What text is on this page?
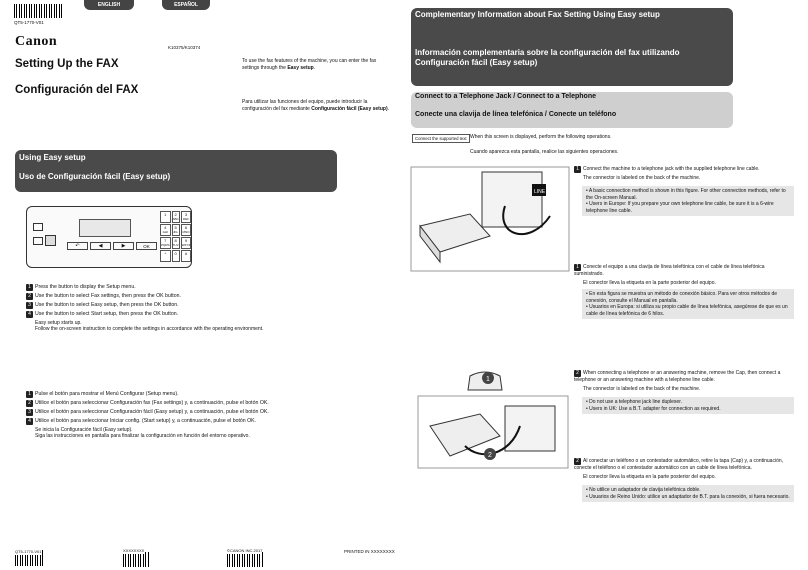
QT5-1770-V01
ENGLISH	ESPAÑOL
Canon	K10375/K10374
Setting Up the FAX
Configuración del FAX
To use the fax features of the machine, you can enter the fax settings through the Easy setup.
Para utilizar las funciones del equipo, puede introducir la configuración del fax mediante Configuración fácil (Easy setup).
Using Easy setup
Uso de Configuración fácil (Easy setup)
↶	◀	▶	OK
1	2
ABC
3
DEF
4
GHI
5
JKL
6
MNO
7
PQRS
8
TUV
9
WXYZ
*	0	#
1 Press the button to display the Setup menu.
2 Use the button to select Fax settings, then press the OK button.
3 Use the button to select Easy setup, then press the OK button.
4 Use the button to select Start setup, then press the OK button.
Easy setup starts up.
Follow the on-screen instruction to complete the settings in accordance with the operating environment.
1 Pulse el botón para mostrar el Menú Configurar (Setup menu).
2 Utilice el botón para seleccionar Configuración fax (Fax settings) y, a continuación, pulse el botón OK.
3 Utilice el botón para seleccionar Configuración fácil (Easy setup) y, a continuación, pulse el botón OK.
4 Utilice el botón para seleccionar Iniciar config. (Start setup) y, a continuación, pulse el botón OK.
Se inicia la Configuración fácil (Easy setup).
Siga las instrucciones en pantalla para finalizar la configuración en función del entorno operativo.
QT5-1770-V01	XXXXXXXX	©CANON INC.2017	PRINTED IN XXXXXXXX
Complementary Information about Fax Setting Using Easy setup
Información complementaria sobre la configuración del fax utilizando Configuración fácil (Easy setup)
Connect to a Telephone Jack / Connect to a Telephone
Conecte una clavija de línea telefónica / Conecte un teléfono
Connect the supported text When this screen is displayed, perform the following operations.
Cuando aparezca esta pantalla, realice las siguientes operaciones.
LINE
1 Connect the machine to a telephone jack with the supplied telephone line cable.
The connector is labeled on the back of the machine.
• A basic connection method is shown in this figure. For other connection methods, refer to the On-screen Manual.
• Users in Europe: If you prepare your own telephone line cable, be sure it is a 6-wire telephone line cable.
1 Conecte el equipo a una clavija de línea telefónica con el cable de línea telefónica suministrado.
El conector lleva la etiqueta en la parte posterior del equipo.
• En esta figura se muestra un método de conexión básico. Para ver otros métodos de conexión, consulte el Manual en pantalla.
• Usuarios en Europa: si utiliza su propio cable de línea telefónica, asegúrese de que es un cable de línea telefónica de 6 hilos.
1
2
2 When connecting a telephone or an answering machine, remove the Cap, then connect a telephone or an answering machine with a telephone line cable.
The connector is labeled on the back of the machine.
• Do not use a telephone jack line duplexer.
• Users in UK: Use a B.T. adapter for connection as required.
2 Al conectar un teléfono o un contestador automático, retire la tapa (Cap) y, a continuación, conecte el teléfono o el contestador automático con un cable de línea telefónica.
El conector lleva la etiqueta en la parte posterior del equipo.
• No utilice un adaptador de clavija telefónica doble.
• Usuarios de Reino Unido: utilice un adaptador de B.T. para la conexión, si fuera necesario.
